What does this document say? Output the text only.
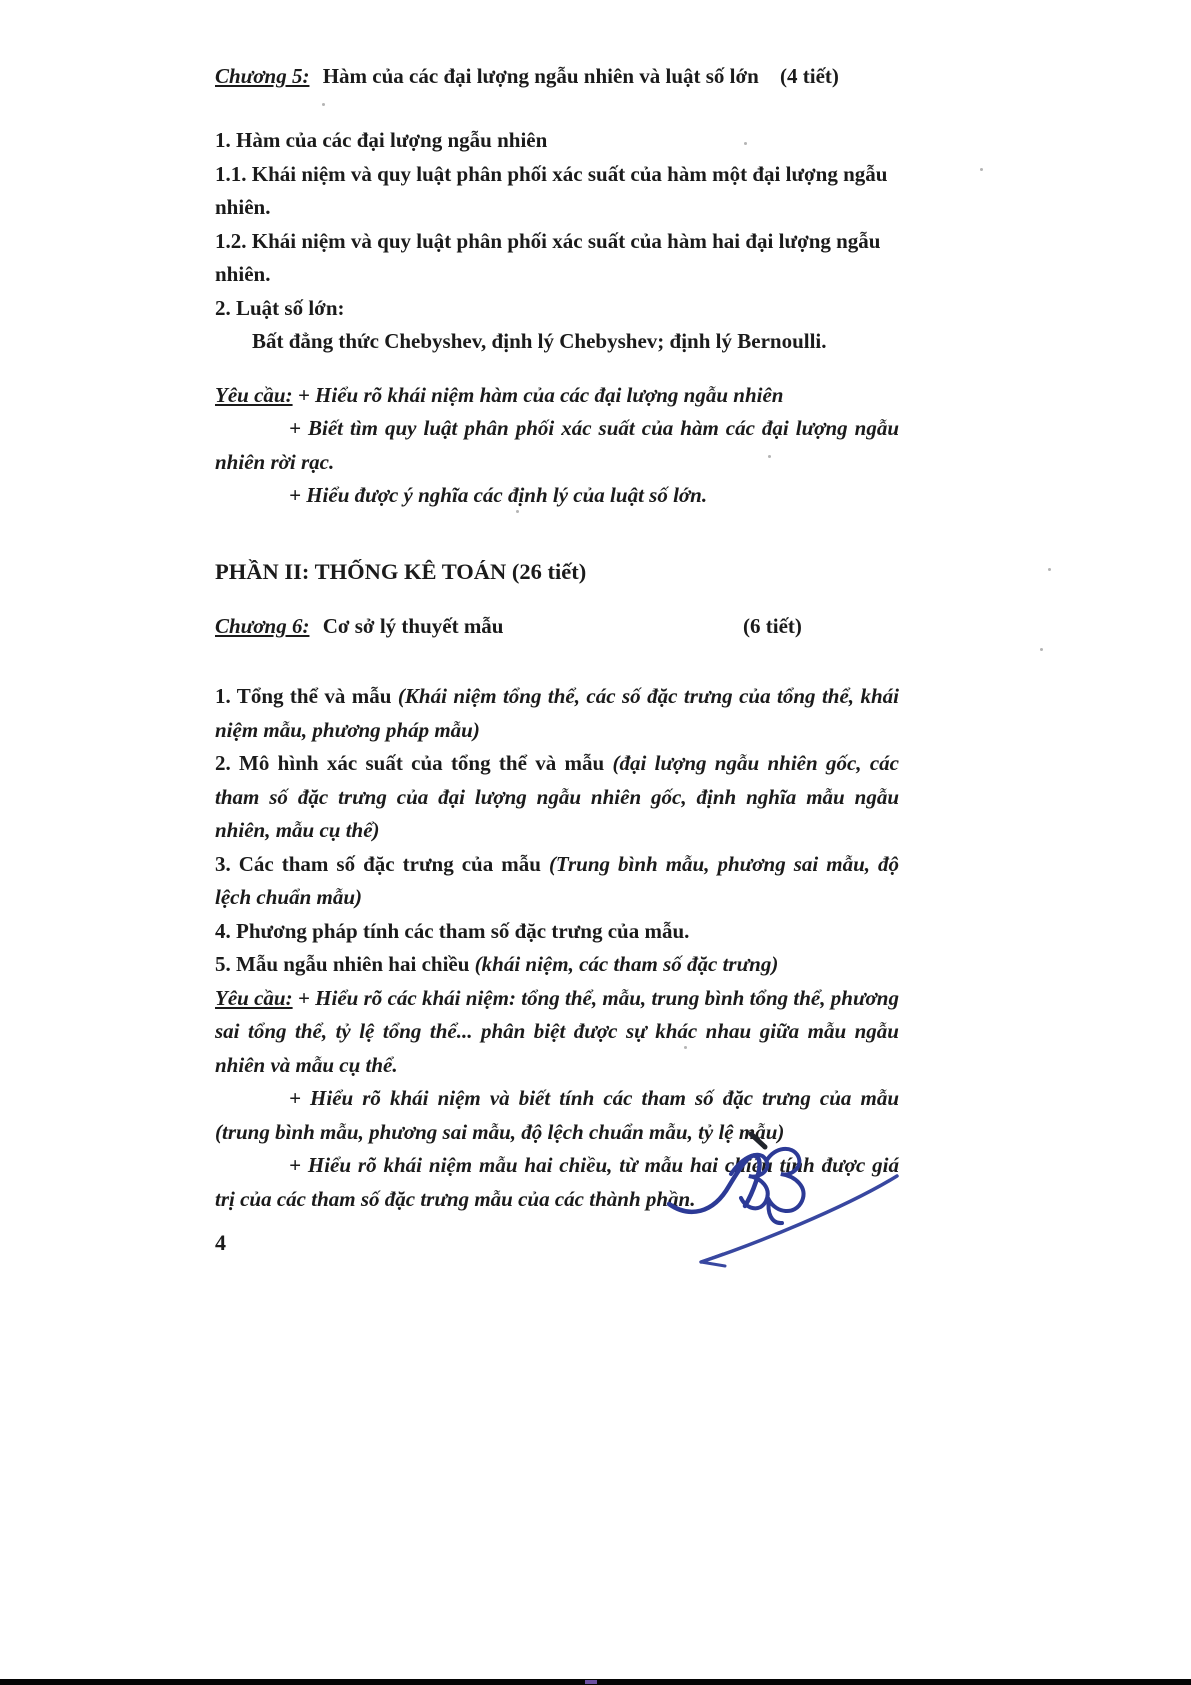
Chương 5: Hàm của các đại lượng ngẫu nhiên và luật số lớn (4 tiết)

1. Hàm của các đại lượng ngẫu nhiên

1.1. Khái niệm và quy luật phân phối xác suất của hàm một đại lượng ngẫu nhiên.

1.2. Khái niệm và quy luật phân phối xác suất của hàm hai đại lượng ngẫu nhiên.

2. Luật số lớn:

Bất đẳng thức Chebyshev, định lý Chebyshev; định lý Bernoulli.

Yêu cầu: + Hiểu rõ khái niệm hàm của các đại lượng ngẫu nhiên

+ Biết tìm quy luật phân phối xác suất của hàm các đại lượng ngẫu nhiên rời rạc.

+ Hiểu được ý nghĩa các định lý của luật số lớn.

PHẦN II: THỐNG KÊ TOÁN (26 tiết)
Chương 6: Cơ sở lý thuyết mẫu	(6 tiết)

1. Tổng thể và mẫu (Khái niệm tổng thể, các số đặc trưng của tổng thể, khái niệm mẫu, phương pháp mẫu)

2. Mô hình xác suất của tổng thể và mẫu (đại lượng ngẫu nhiên gốc, các tham số đặc trưng của đại lượng ngẫu nhiên gốc, định nghĩa mẫu ngẫu nhiên, mẫu cụ thể)

3. Các tham số đặc trưng của mẫu (Trung bình mẫu, phương sai mẫu, độ lệch chuẩn mẫu)

4. Phương pháp tính các tham số đặc trưng của mẫu.

5. Mẫu ngẫu nhiên hai chiều (khái niệm, các tham số đặc trưng)

Yêu cầu: + Hiểu rõ các khái niệm: tổng thể, mẫu, trung bình tổng thể, phương sai tổng thể, tỷ lệ tổng thể... phân biệt được sự khác nhau giữa mẫu ngẫu nhiên và mẫu cụ thể.

+ Hiểu rõ khái niệm và biết tính các tham số đặc trưng của mẫu (trung bình mẫu, phương sai mẫu, độ lệch chuẩn mẫu, tỷ lệ mẫu)

+ Hiểu rõ khái niệm mẫu hai chiều, từ mẫu hai chiều tính được giá trị của các tham số đặc trưng mẫu của các thành phần.

4
